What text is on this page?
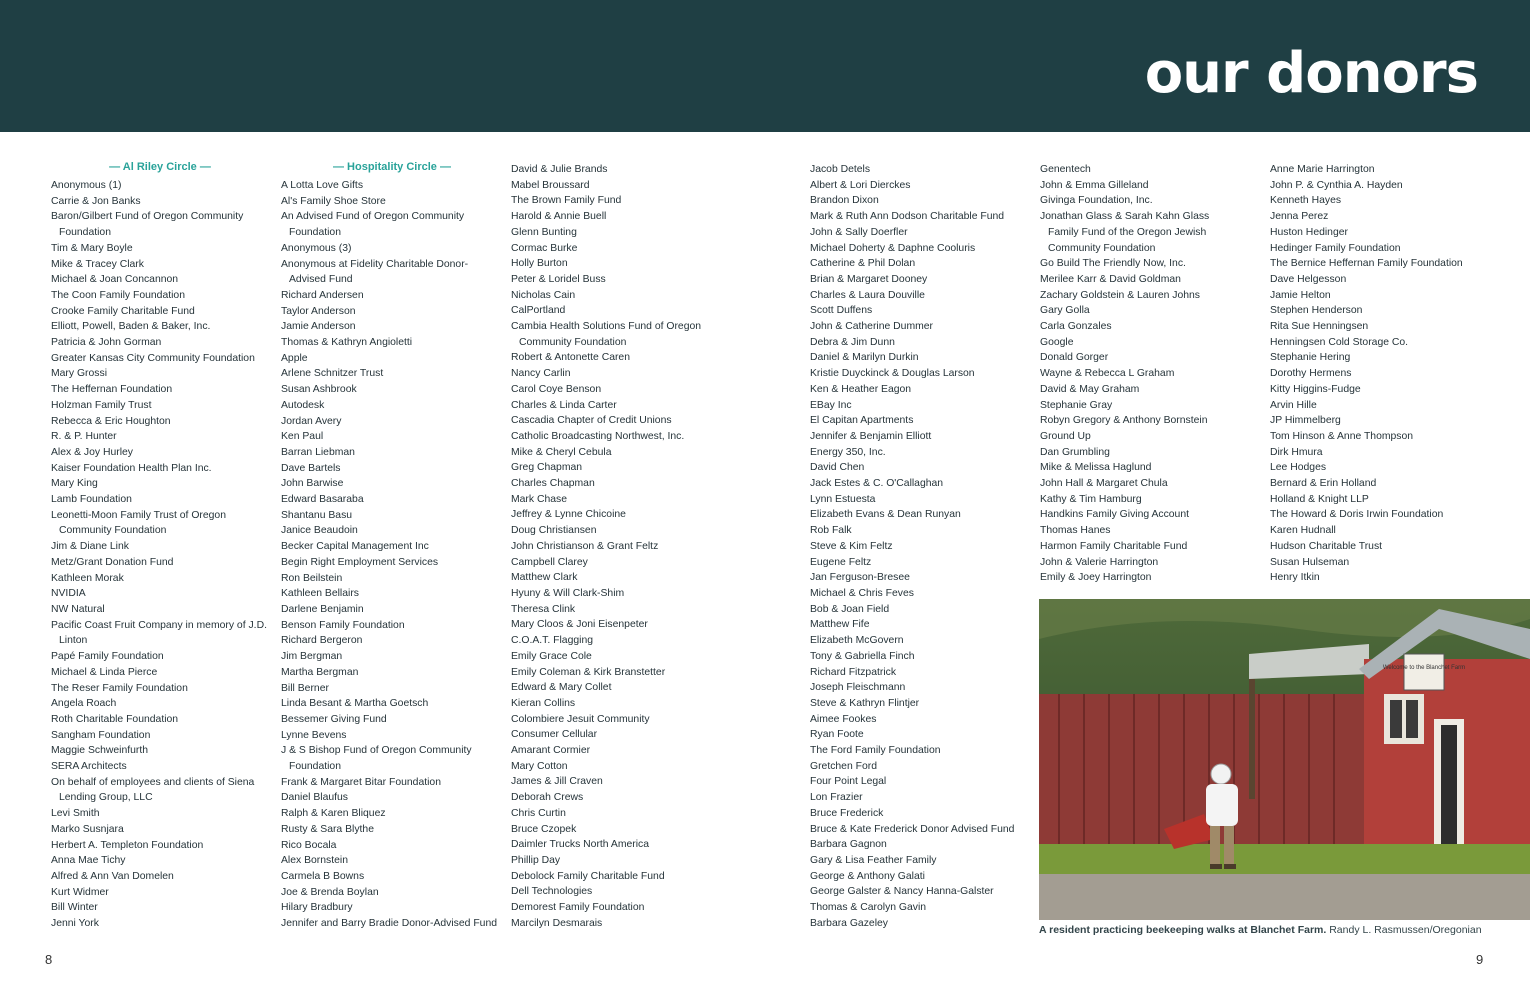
our donors
— Al Riley Circle —
Anonymous (1)
Carrie & Jon Banks
Baron/Gilbert Fund of Oregon Community Foundation
Tim & Mary Boyle
Mike & Tracey Clark
Michael & Joan Concannon
The Coon Family Foundation
Crooke Family Charitable Fund
Elliott, Powell, Baden & Baker, Inc.
Patricia & John Gorman
Greater Kansas City Community Foundation
Mary Grossi
The Heffernan Foundation
Holzman Family Trust
Rebecca & Eric Houghton
R. & P. Hunter
Alex & Joy Hurley
Kaiser Foundation Health Plan Inc.
Mary King
Lamb Foundation
Leonetti-Moon Family Trust of Oregon Community Foundation
Jim & Diane Link
Metz/Grant Donation Fund
Kathleen Morak
NVIDIA
NW Natural
Pacific Coast Fruit Company in memory of J.D. Linton
Papé Family Foundation
Michael & Linda Pierce
The Reser Family Foundation
Angela Roach
Roth Charitable Foundation
Sangham Foundation
Maggie Schweinfurth
SERA Architects
On behalf of employees and clients of Siena Lending Group, LLC
Levi Smith
Marko Susnjara
Herbert A. Templeton Foundation
Anna Mae Tichy
Alfred & Ann Van Domelen
Kurt Widmer
Bill Winter
Jenni York
— Hospitality Circle —
A Lotta Love Gifts
Al's Family Shoe Store
An Advised Fund of Oregon Community Foundation
Anonymous (3)
Anonymous at Fidelity Charitable Donor-Advised Fund
Richard Andersen
Taylor Anderson
Jamie Anderson
Thomas & Kathryn Angioletti
Apple
Arlene Schnitzer Trust
Susan Ashbrook
Autodesk
Jordan Avery
Ken Paul
Barran Liebman
Dave Bartels
John Barwise
Edward Basaraba
Shantanu Basu
Janice Beaudoin
Becker Capital Management Inc
Begin Right Employment Services
Ron Beilstein
Kathleen Bellairs
Darlene Benjamin
Benson Family Foundation
Richard Bergeron
Jim Bergman
Martha Bergman
Bill Berner
Linda Besant & Martha Goetsch
Bessemer Giving Fund
Lynne Bevens
J & S Bishop Fund of Oregon Community Foundation
Frank & Margaret Bitar Foundation
Daniel Blaufus
Ralph & Karen Bliquez
Rusty & Sara Blythe
Rico Bocala
Alex Bornstein
Carmela B Bowns
Joe & Brenda Boylan
Hilary Bradbury
Jennifer and Barry Bradie Donor-Advised Fund
David & Julie Brands
Mabel Broussard
The Brown Family Fund
Harold & Annie Buell
Glenn Bunting
Cormac Burke
Holly Burton
Peter & Loridel Buss
Nicholas Cain
CalPortland
Cambia Health Solutions Fund of Oregon Community Foundation
Robert & Antonette Caren
Nancy Carlin
Carol Coye Benson
Charles & Linda Carter
Cascadia Chapter of Credit Unions
Catholic Broadcasting Northwest, Inc.
Mike & Cheryl Cebula
Greg Chapman
Charles Chapman
Mark Chase
Jeffrey & Lynne Chicoine
Doug Christiansen
John Christianson & Grant Feltz
Campbell Clarey
Matthew Clark
Hyuny & Will Clark-Shim
Theresa Clink
Mary Cloos & Joni Eisenpeter
C.O.A.T. Flagging
Emily Grace Cole
Emily Coleman & Kirk Branstetter
Edward & Mary Collet
Kieran Collins
Colombiere Jesuit Community
Consumer Cellular
Amarant Cormier
Mary Cotton
James & Jill Craven
Deborah Crews
Chris Curtin
Bruce Czopek
Daimler Trucks North America
Phillip Day
Debolock Family Charitable Fund
Dell Technologies
Demorest Family Foundation
Marcilyn Desmarais
Jacob Detels
Albert & Lori Dierckes
Brandon Dixon
Mark & Ruth Ann Dodson Charitable Fund
John & Sally Doerfler
Michael Doherty & Daphne Cooluris
Catherine & Phil Dolan
Brian & Margaret Dooney
Charles & Laura Douville
Scott Duffens
John & Catherine Dummer
Debra & Jim Dunn
Daniel & Marilyn Durkin
Kristie Duyckinck & Douglas Larson
Ken & Heather Eagon
EBay Inc
El Capitan Apartments
Jennifer & Benjamin Elliott
Energy 350, Inc.
David Chen
Jack Estes & C. O'Callaghan
Lynn Estuesta
Elizabeth Evans & Dean Runyan
Rob Falk
Steve & Kim Feltz
Eugene Feltz
Jan Ferguson-Bresee
Michael & Chris Feves
Bob & Joan Field
Matthew Fife
Elizabeth McGovern
Tony & Gabriella Finch
Richard Fitzpatrick
Joseph Fleischmann
Steve & Kathryn Flintjer
Aimee Fookes
Ryan Foote
The Ford Family Foundation
Gretchen Ford
Four Point Legal
Lon Frazier
Bruce Frederick
Bruce & Kate Frederick Donor Advised Fund
Barbara Gagnon
Gary & Lisa Feather Family
George & Anthony Galati
George Galster & Nancy Hanna-Galster
Thomas & Carolyn Gavin
Barbara Gazeley
Genentech
John & Emma Gilleland
Givinga Foundation, Inc.
Jonathan Glass & Sarah Kahn Glass Family Fund of the Oregon Jewish Community Foundation
Go Build The Friendly Now, Inc.
Merilee Karr & David Goldman
Zachary Goldstein & Lauren Johns
Gary Golla
Carla Gonzales
Google
Donald Gorger
Wayne & Rebecca L Graham
David & May Graham
Stephanie Gray
Robyn Gregory & Anthony Bornstein
Ground Up
Dan Grumbling
Mike & Melissa Haglund
John Hall & Margaret Chula
Kathy & Tim Hamburg
Handkins Family Giving Account
Thomas Hanes
Harmon Family Charitable Fund
John & Valerie Harrington
Emily & Joey Harrington
Anne Marie Harrington
John P. & Cynthia A. Hayden
Kenneth Hayes
Jenna Perez
Huston Hedinger
Hedinger Family Foundation
The Bernice Heffernan Family Foundation
Dave Helgesson
Jamie Helton
Stephen Henderson
Rita Sue Henningsen
Henningsen Cold Storage Co.
Stephanie Hering
Dorothy Hermens
Kitty Higgins-Fudge
Arvin Hille
JP Himmelberg
Tom Hinson & Anne Thompson
Dirk Hmura
Lee Hodges
Bernard & Erin Holland
Holland & Knight LLP
The Howard & Doris Irwin Foundation
Karen Hudnall
Hudson Charitable Trust
Susan Hulseman
Henry Itkin
Welcome to the Blanchet Farm
A resident practicing beekeeping walks at Blanchet Farm. Randy L. Rasmussen/Oregonian
8	9
